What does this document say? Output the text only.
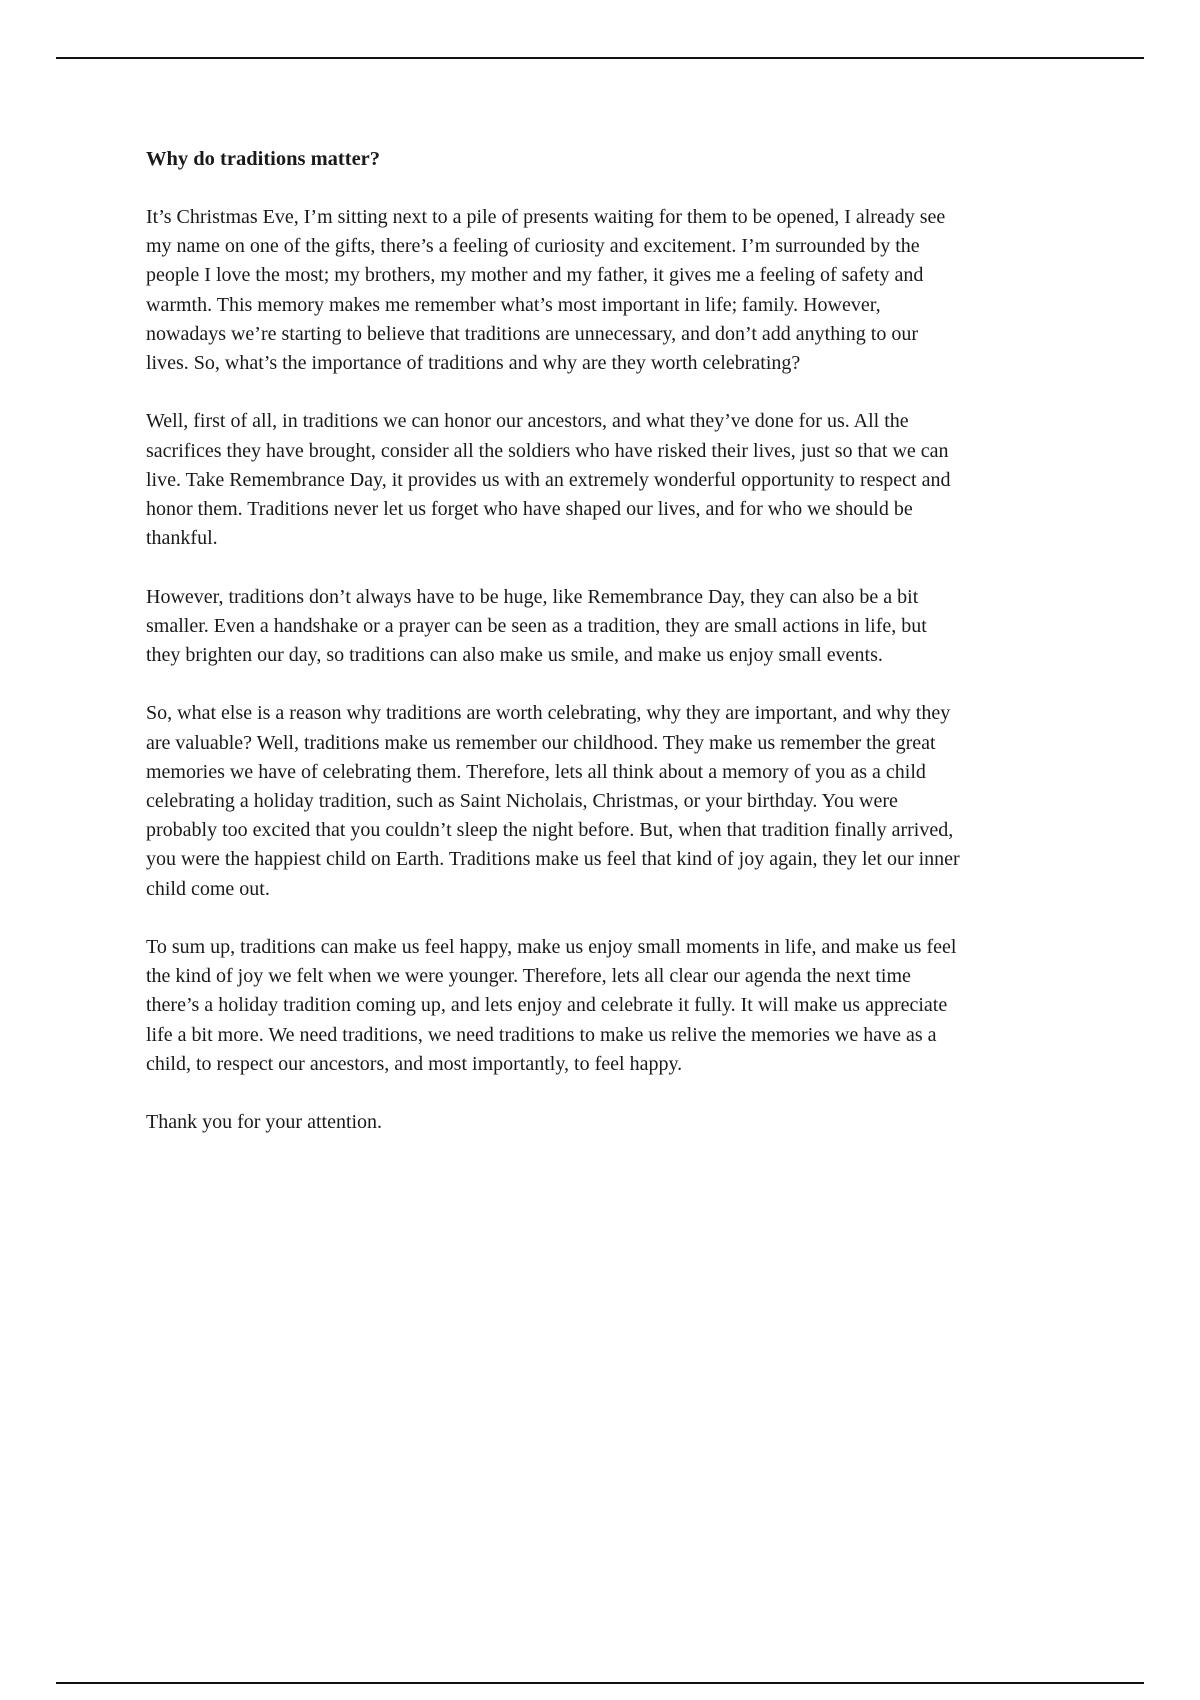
Why do traditions matter?
It’s Christmas Eve, I’m sitting next to a pile of presents waiting for them to be opened, I already see
my name on one of the gifts, there’s a feeling of curiosity and excitement. I’m surrounded by the
people I love the most; my brothers, my mother and my father, it gives me a feeling of safety and
warmth. This memory makes me remember what’s most important in life; family. However,
nowadays we’re starting to believe that traditions are unnecessary, and don’t add anything to our
lives. So, what’s the importance of traditions and why are they worth celebrating?
Well, first of all, in traditions we can honor our ancestors, and what they’ve done for us. All the
sacrifices they have brought, consider all the soldiers who have risked their lives, just so that we can
live. Take Remembrance Day, it provides us with an extremely wonderful opportunity to respect and
honor them. Traditions never let us forget who have shaped our lives, and for who we should be
thankful.
However, traditions don’t always have to be huge, like Remembrance Day, they can also be a bit
smaller. Even a handshake or a prayer can be seen as a tradition, they are small actions in life, but
they brighten our day, so traditions can also make us smile, and make us enjoy small events.
So, what else is a reason why traditions are worth celebrating, why they are important, and why they
are valuable? Well, traditions make us remember our childhood. They make us remember the great
memories we have of celebrating them. Therefore, lets all think about a memory of you as a child
celebrating a holiday tradition, such as Saint Nicholais, Christmas, or your birthday. You were
probably too excited that you couldn’t sleep the night before. But, when that tradition finally arrived,
you were the happiest child on Earth. Traditions make us feel that kind of joy again, they let our inner
child come out.
To sum up, traditions can make us feel happy, make us enjoy small moments in life, and make us feel
the kind of joy we felt when we were younger. Therefore, lets all clear our agenda the next time
there’s a holiday tradition coming up, and lets enjoy and celebrate it fully. It will make us appreciate
life a bit more. We need traditions, we need traditions to make us relive the memories we have as a
child, to respect our ancestors, and most importantly, to feel happy.
Thank you for your attention.
